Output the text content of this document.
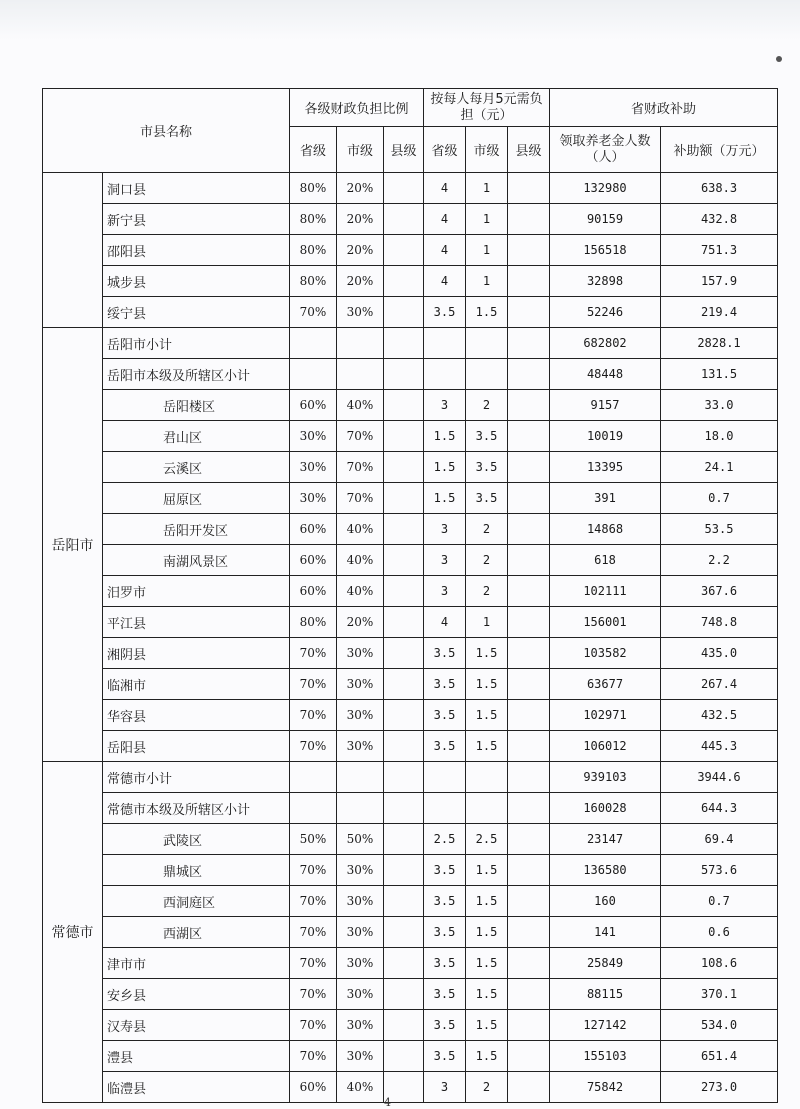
市县名称		各级财政负担比例			按每人每月5元需负担（元）			省财政补助	
		省级	市级	县级	省级	市级	县级	领取养老金人数（人）	补助额（万元）
	洞口县	80%	20%		4	1		132980	638.3
	新宁县	80%	20%		4	1		90159	432.8
	邵阳县	80%	20%		4	1		156518	751.3
	城步县	80%	20%		4	1		32898	157.9
	绥宁县	70%	30%		3.5	1.5		52246	219.4
岳阳市	岳阳市小计							682802	2828.1
	岳阳市本级及所辖区小计							48448	131.5
	岳阳楼区	60%	40%		3	2		9157	33.0
	君山区	30%	70%		1.5	3.5		10019	18.0
	云溪区	30%	70%		1.5	3.5		13395	24.1
	屈原区	30%	70%		1.5	3.5		391	0.7
	岳阳开发区	60%	40%		3	2		14868	53.5
	南湖风景区	60%	40%		3	2		618	2.2
	汨罗市	60%	40%		3	2		102111	367.6
	平江县	80%	20%		4	1		156001	748.8
	湘阴县	70%	30%		3.5	1.5		103582	435.0
	临湘市	70%	30%		3.5	1.5		63677	267.4
	华容县	70%	30%		3.5	1.5		102971	432.5
	岳阳县	70%	30%		3.5	1.5		106012	445.3
常德市	常德市小计							939103	3944.6
	常德市本级及所辖区小计							160028	644.3
	武陵区	50%	50%		2.5	2.5		23147	69.4
	鼎城区	70%	30%		3.5	1.5		136580	573.6
	西洞庭区	70%	30%		3.5	1.5		160	0.7
	西湖区	70%	30%		3.5	1.5		141	0.6
	津市市	70%	30%		3.5	1.5		25849	108.6
	安乡县	70%	30%		3.5	1.5		88115	370.1
	汉寿县	70%	30%		3.5	1.5		127142	534.0
	澧县	70%	30%		3.5	1.5		155103	651.4
	临澧县	60%	40%		3	2		75842	273.0
4
